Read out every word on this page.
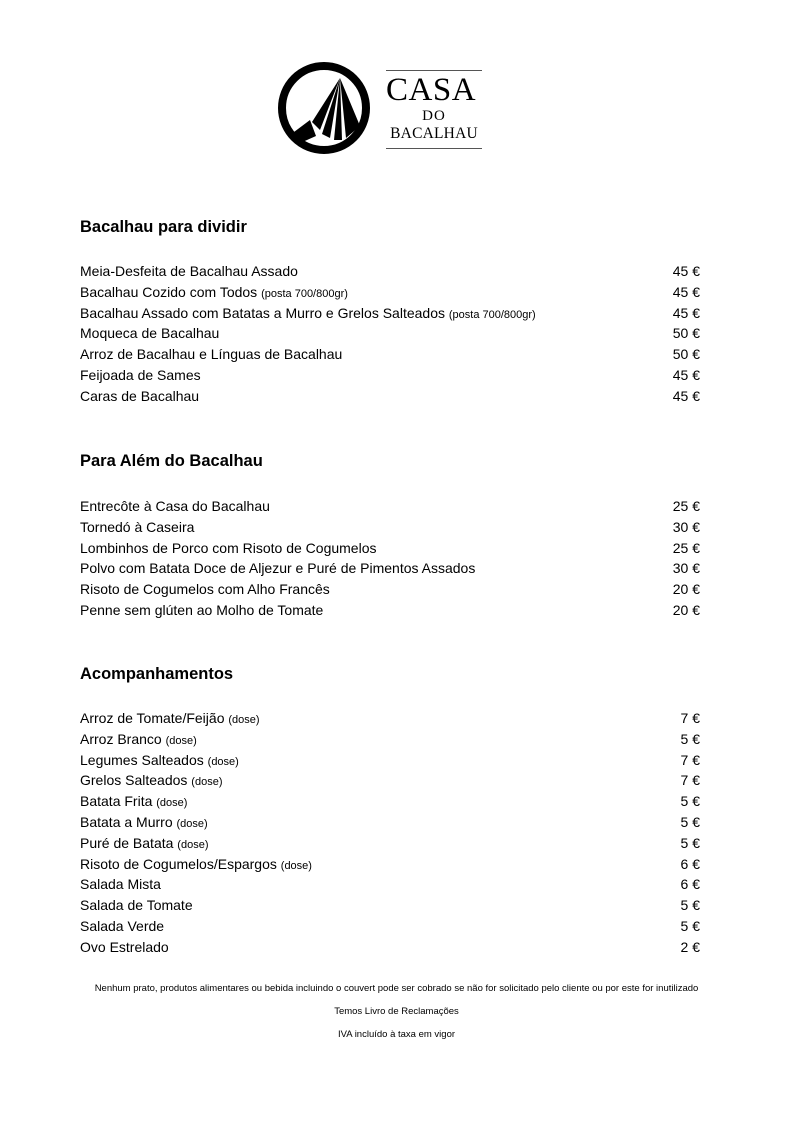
CASA
DO
BACALHAU
Bacalhau para dividir
Meia-Desfeita de Bacalhau Assado	45 €
Bacalhau Cozido com Todos (posta 700/800gr)	45 €
Bacalhau Assado com Batatas a Murro e Grelos Salteados (posta 700/800gr)	45 €
Moqueca de Bacalhau	50 €
Arroz de Bacalhau e Línguas de Bacalhau	50 €
Feijoada de Sames	45 €
Caras de Bacalhau	45 €
Para Além do Bacalhau
Entrecôte à Casa do Bacalhau	25 €
Tornedó à Caseira	30 €
Lombinhos de Porco com Risoto de Cogumelos	25 €
Polvo com Batata Doce de Aljezur e Puré de Pimentos Assados	30 €
Risoto de Cogumelos com Alho Francês	20 €
Penne sem glúten ao Molho de Tomate	20 €
Acompanhamentos
Arroz de Tomate/Feijão (dose)	7 €
Arroz Branco (dose)	5 €
Legumes Salteados (dose)	7 €
Grelos Salteados (dose)	7 €
Batata Frita (dose)	5 €
Batata a Murro (dose)	5 €
Puré de Batata (dose)	5 €
Risoto de Cogumelos/Espargos (dose)	6 €
Salada Mista	6 €
Salada de Tomate	5 €
Salada Verde	5 €
Ovo Estrelado	2 €
Nenhum prato, produtos alimentares ou bebida incluindo o couvert pode ser cobrado se não for solicitado pelo cliente ou por este for inutilizado
Temos Livro de Reclamações
IVA incluído à taxa em vigor
